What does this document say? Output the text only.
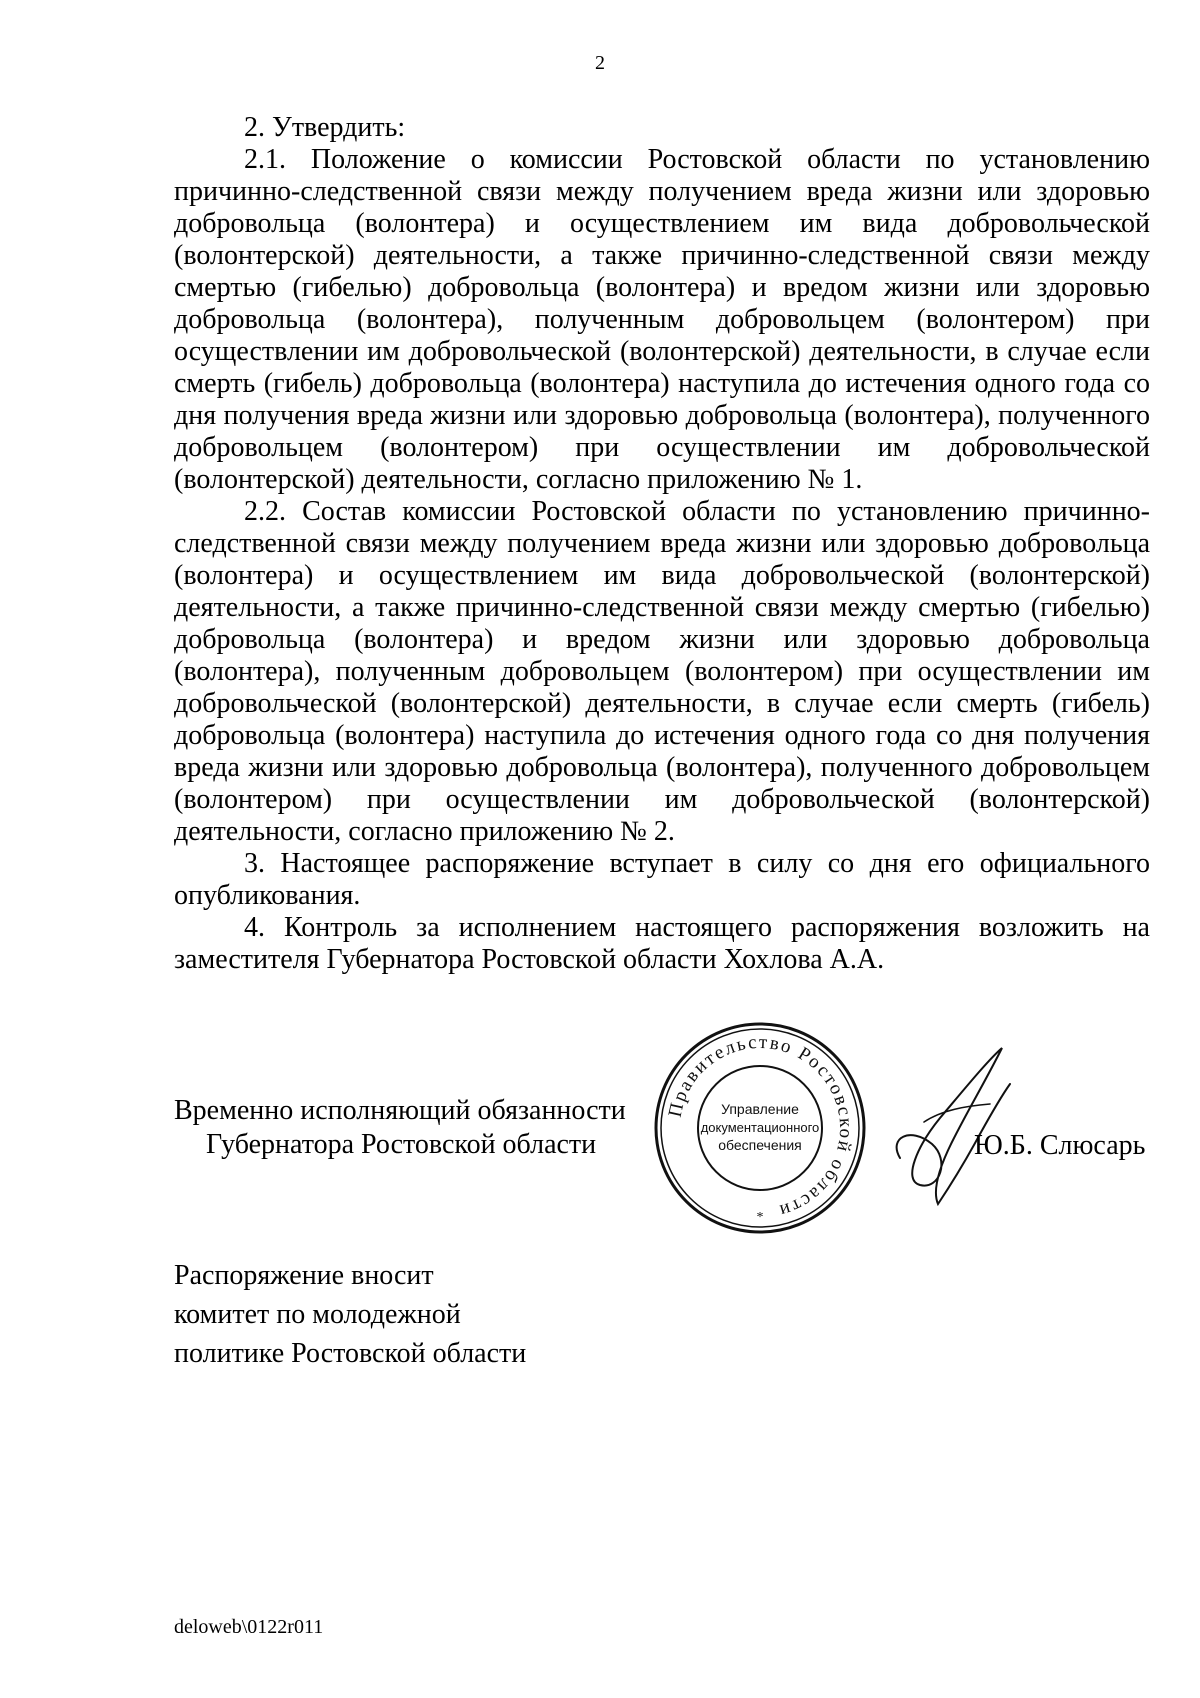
2

2. Утвердить:

2.1. Положение о комиссии Ростовской области по установлению причинно-следственной связи между получением вреда жизни или здоровью добровольца (волонтера) и осуществлением им вида добровольческой (волонтерской) деятельности, а также причинно-следственной связи между смертью (гибелью) добровольца (волонтера) и вредом жизни или здоровью добровольца (волонтера), полученным добровольцем (волонтером) при осуществлении им добровольческой (волонтерской) деятельности, в случае если смерть (гибель) добровольца (волонтера) наступила до истечения одного года со дня получения вреда жизни или здоровью добровольца (волонтера), полученного добровольцем (волонтером) при осуществлении им добровольческой (волонтерской) деятельности, согласно приложению № 1.

2.2. Состав комиссии Ростовской области по установлению причинно-следственной связи между получением вреда жизни или здоровью добровольца (волонтера) и осуществлением им вида добровольческой (волонтерской) деятельности, а также причинно-следственной связи между смертью (гибелью) добровольца (волонтера) и вредом жизни или здоровью добровольца (волонтера), полученным добровольцем (волонтером) при осуществлении им добровольческой (волонтерской) деятельности, в случае если смерть (гибель) добровольца (волонтера) наступила до истечения одного года со дня получения вреда жизни или здоровью добровольца (волонтера), полученного добровольцем (волонтером) при осуществлении им добровольческой (волонтерской) деятельности, согласно приложению № 2.

3. Настоящее распоряжение вступает в силу со дня его официального опубликования.

4. Контроль за исполнением настоящего распоряжения возложить на заместителя Губернатора Ростовской области Хохлова А.А.

Временно исполняющий обязанности
Губернатора Ростовской области
Правительство Ростовской области
Управление
документационного
обеспечения
*
Ю.Б. Слюсарь
Распоряжение вносит
комитет по молодежной
политике Ростовской области
deloweb\0122r011
